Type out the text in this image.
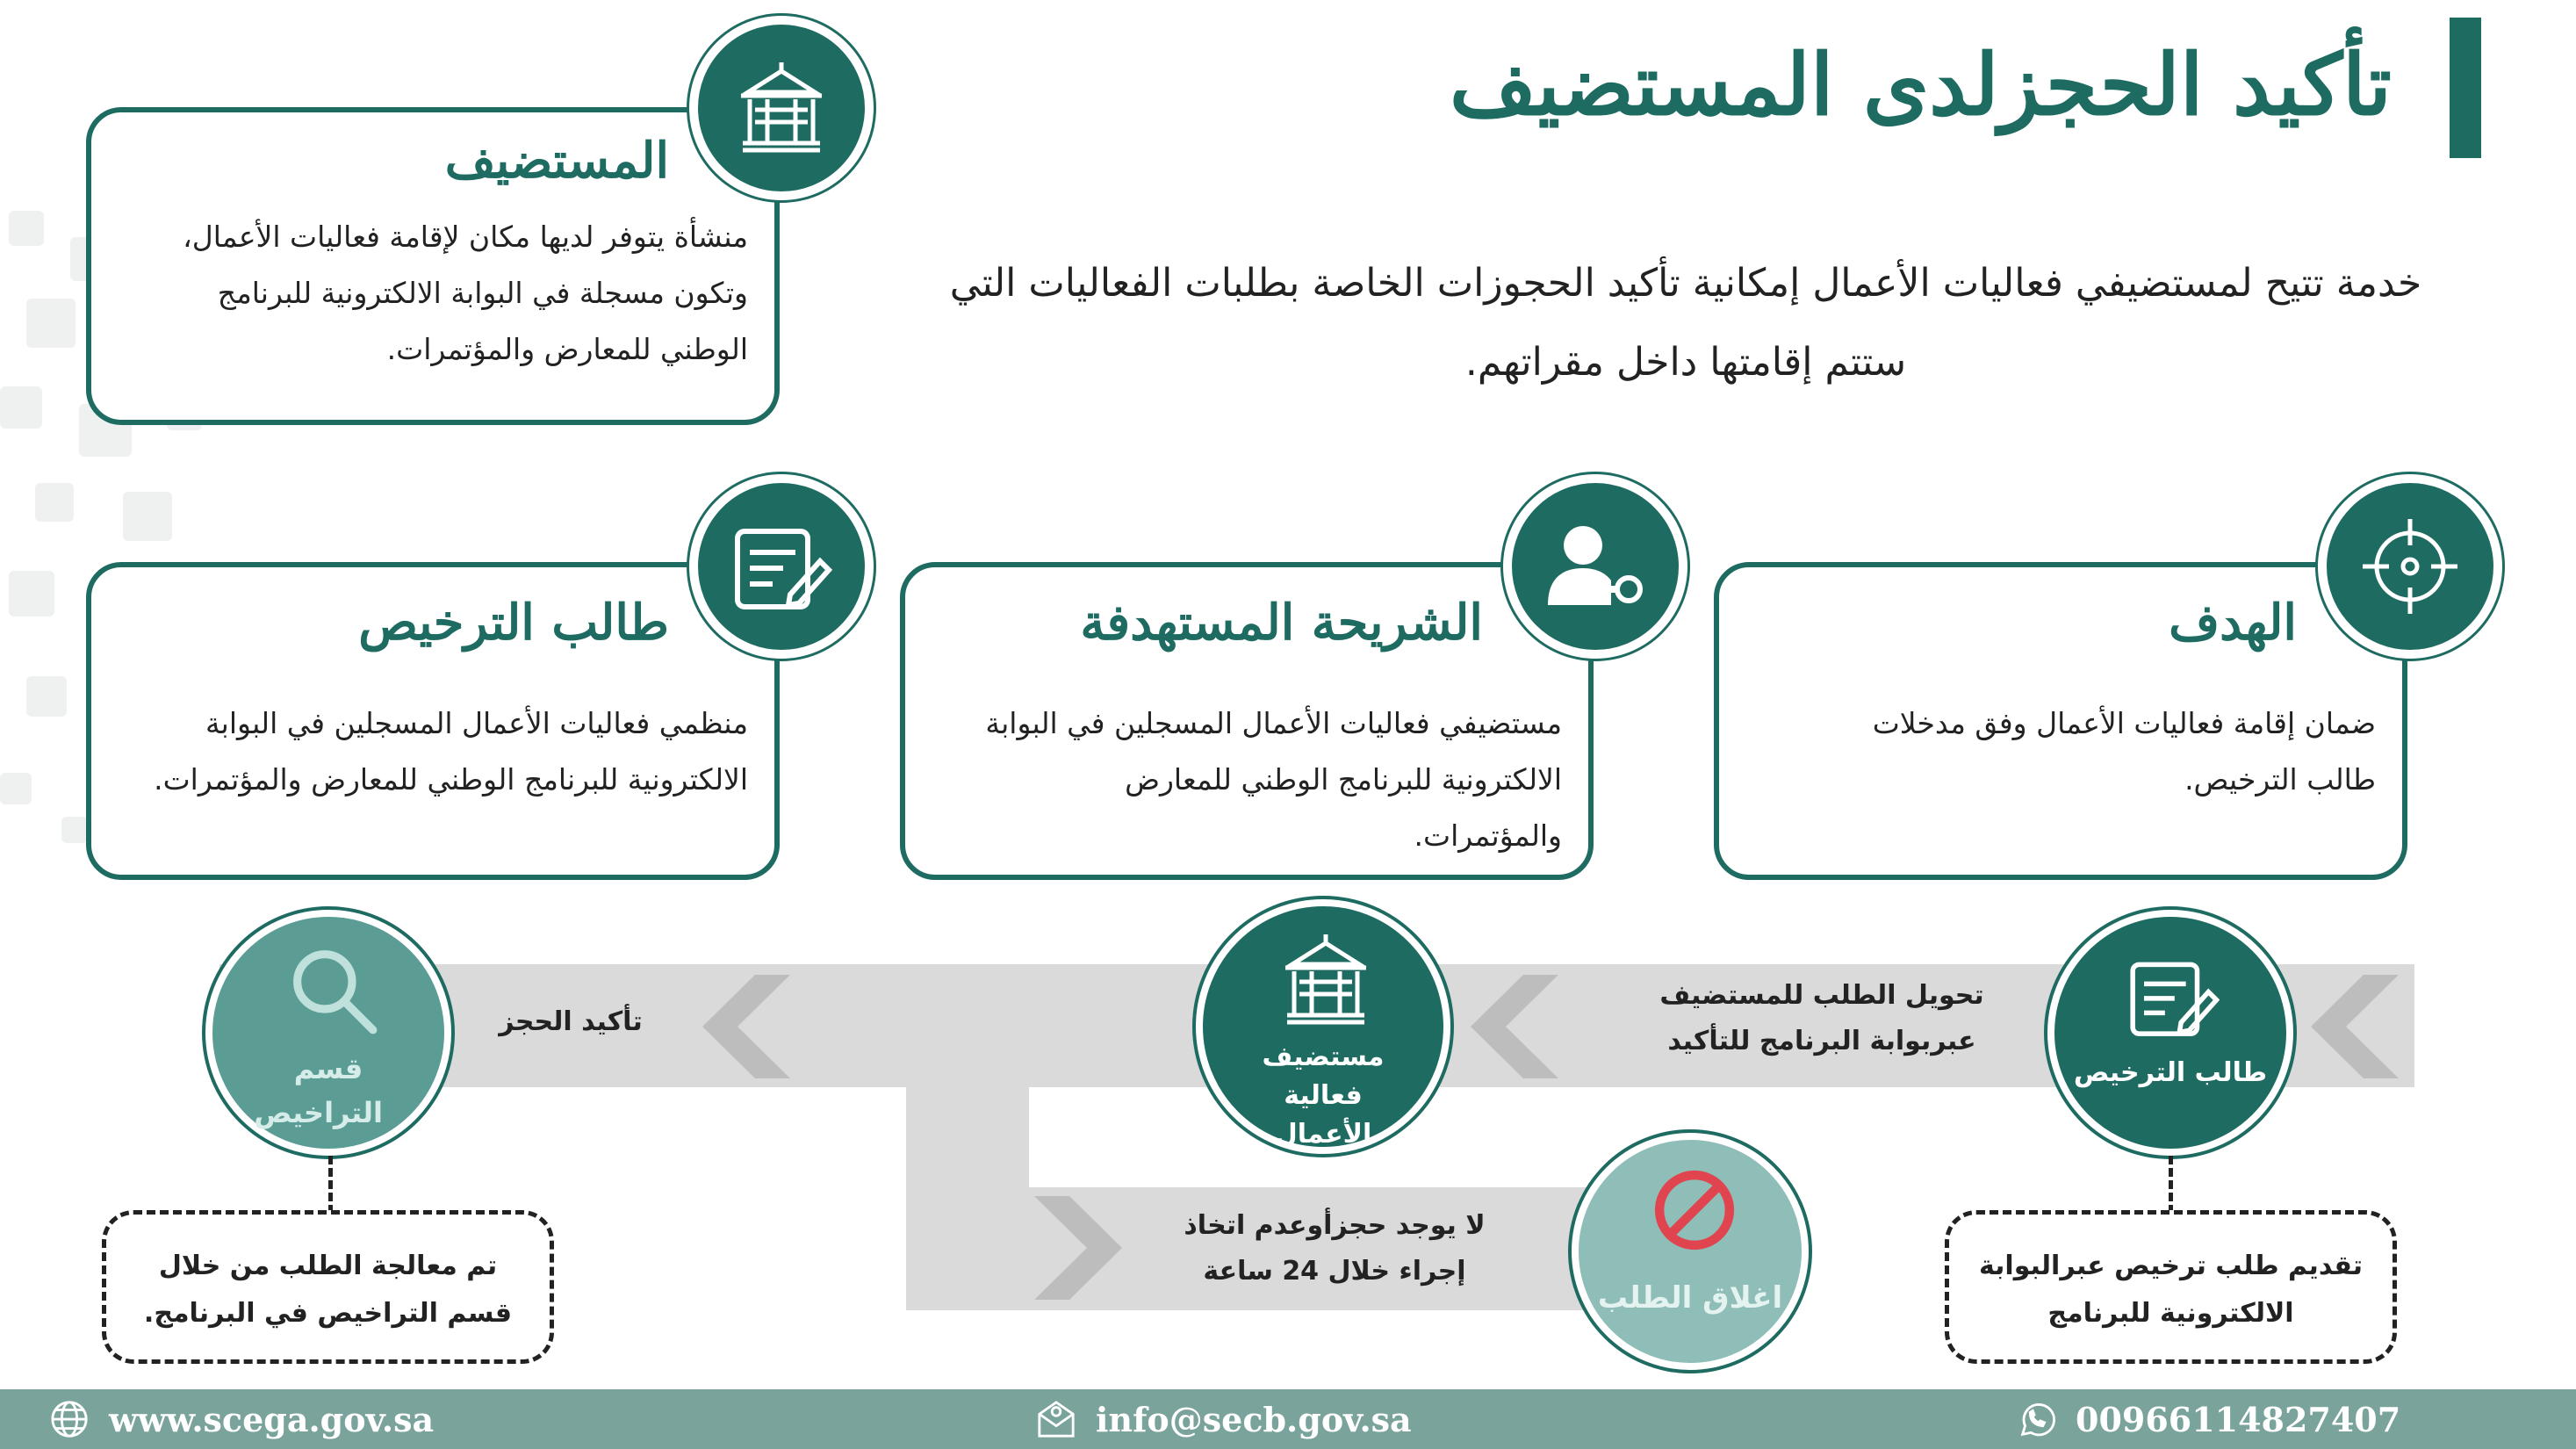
تأكيد الحجزلدى المستضيف

خدمة تتيح لمستضيفي فعاليات الأعمال إمكانية تأكيد الحجوزات الخاصة بطلبات الفعاليات التي ستتم إقامتها داخل مقراتهم.

المستضيف
منشأة يتوفر لديها مكان لإقامة فعاليات الأعمال، وتكون مسجلة في البوابة الالكترونية للبرنامج الوطني للمعارض والمؤتمرات.
الهدف
ضمان إقامة فعاليات الأعمال وفق مدخلات طالب الترخيص.
الشريحة المستهدفة
مستضيفي فعاليات الأعمال المسجلين في البوابة الالكترونية للبرنامج الوطني للمعارض والمؤتمرات.
طالب الترخيص
منظمي فعاليات الأعمال المسجلين في البوابة الالكترونية للبرنامج الوطني للمعارض والمؤتمرات.
تحويل الطلب للمستضيف عبربوابة البرنامج للتأكيد
تأكيد الحجز
لا يوجد حجزأوعدم اتخاذ إجراء خلال 24 ساعة
طالب الترخيص
مستضيف فعالية الأعمال
قسم التراخيص
اغلاق الطلب
تقديم طلب ترخيص عبرالبوابة الالكترونية للبرنامج
تم معالجة الطلب من خلال قسم التراخيص في البرنامج.
www.scega.gov.sa	info@secb.gov.sa	00966114827407
